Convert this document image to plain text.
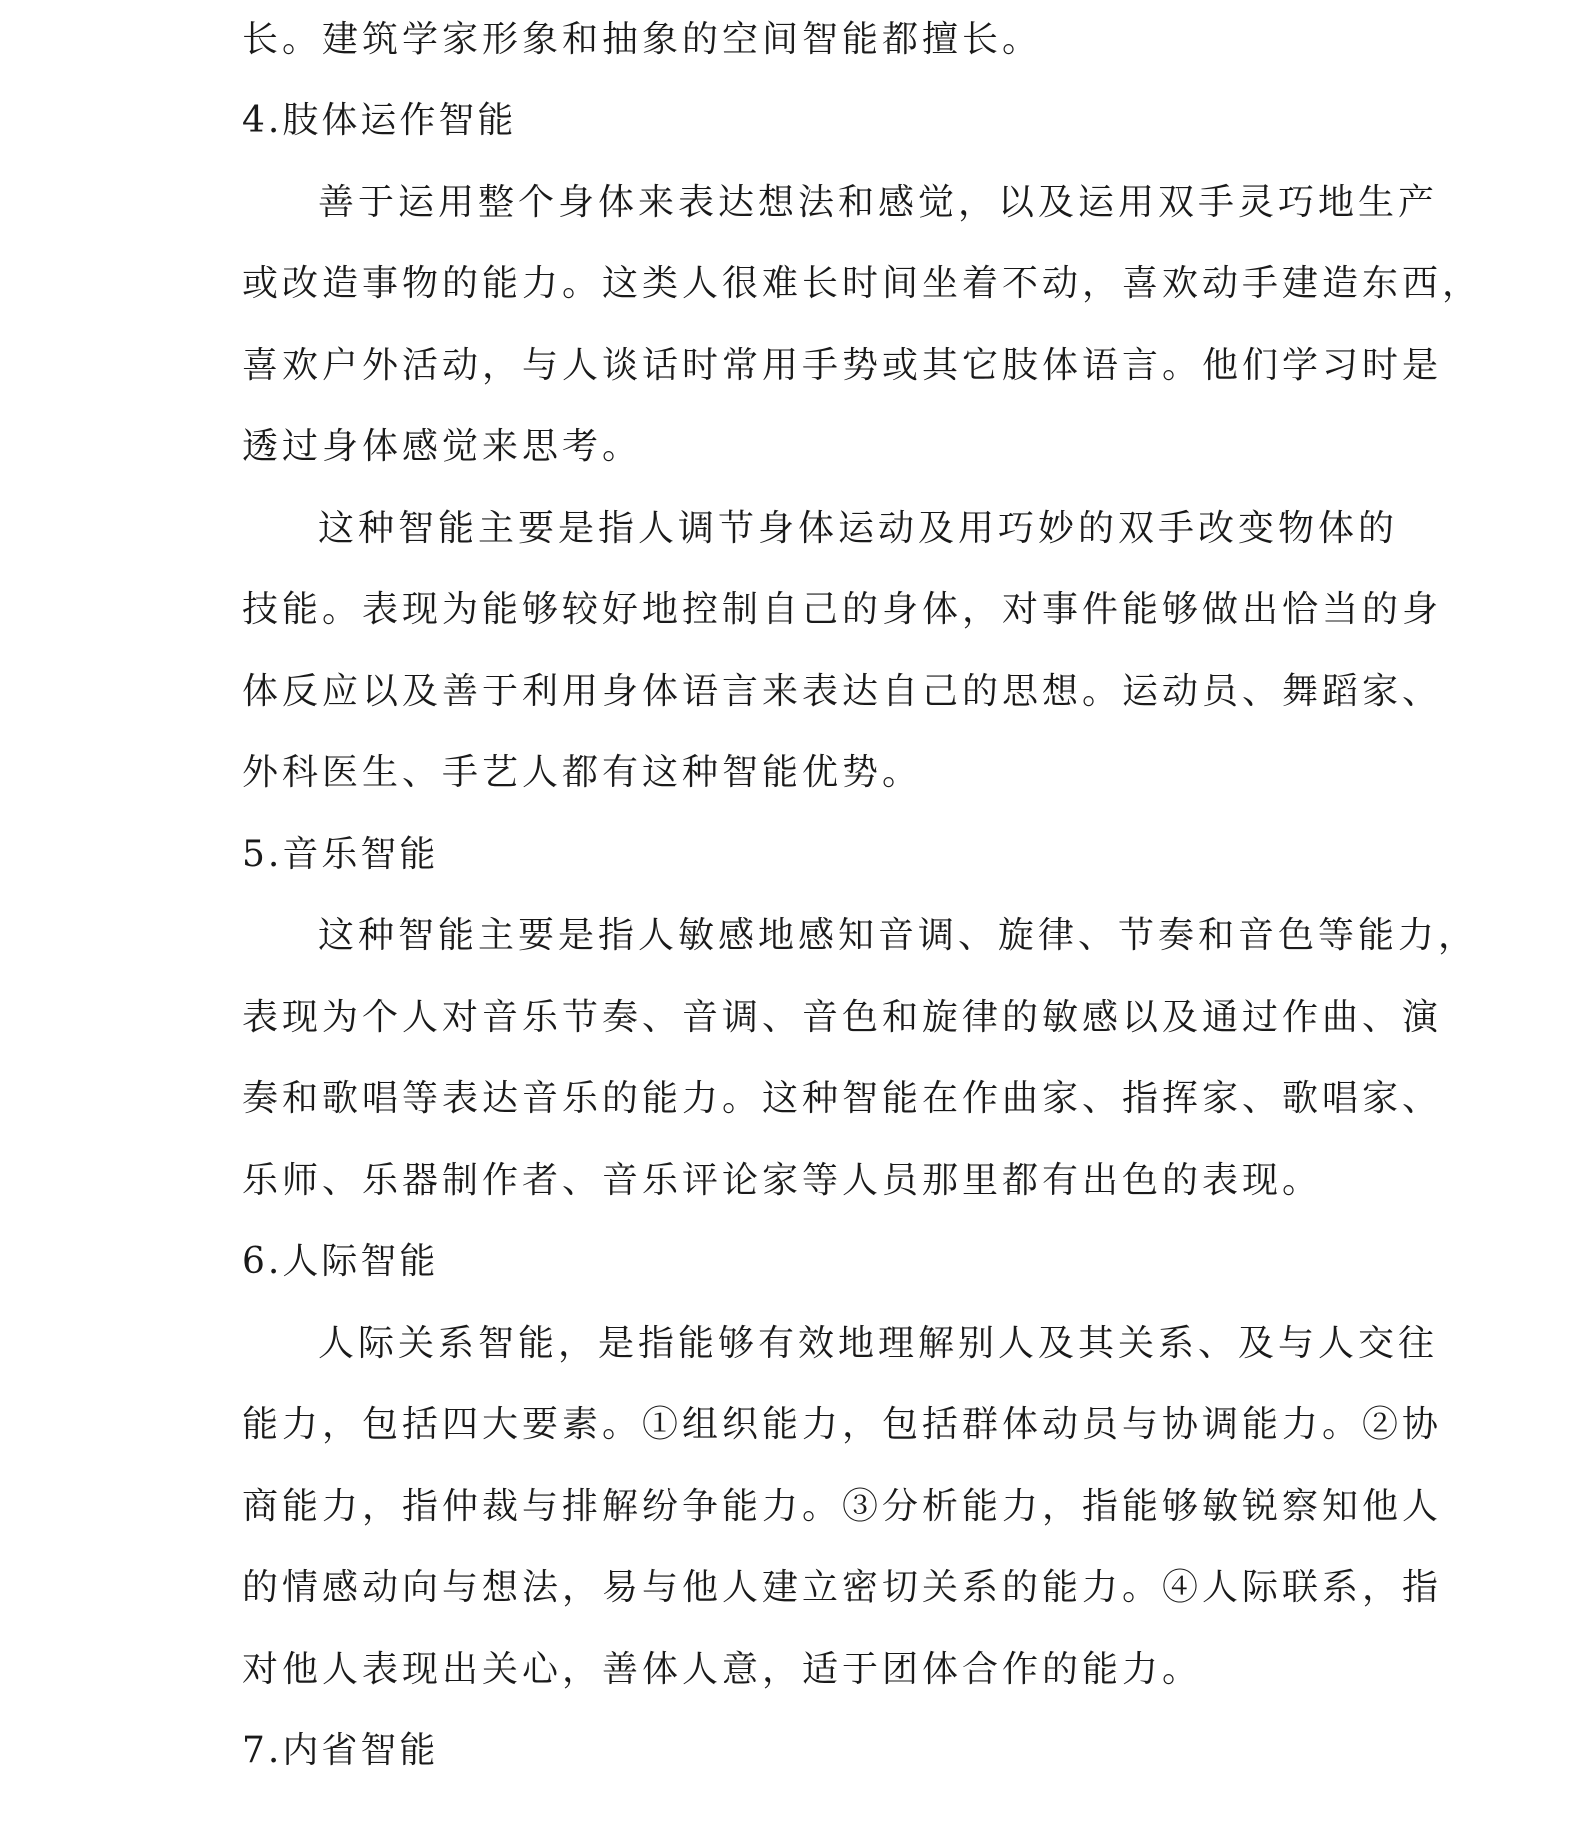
长。建筑学家形象和抽象的空间智能都擅长。
4.肢体运作智能
善于运用整个身体来表达想法和感觉，以及运用双手灵巧地生产
或改造事物的能力。这类人很难长时间坐着不动，喜欢动手建造东西，
喜欢户外活动，与人谈话时常用手势或其它肢体语言。他们学习时是
透过身体感觉来思考。
这种智能主要是指人调节身体运动及用巧妙的双手改变物体的
技能。表现为能够较好地控制自己的身体，对事件能够做出恰当的身
体反应以及善于利用身体语言来表达自己的思想。运动员、舞蹈家、
外科医生、手艺人都有这种智能优势。
5.音乐智能
这种智能主要是指人敏感地感知音调、旋律、节奏和音色等能力，
表现为个人对音乐节奏、音调、音色和旋律的敏感以及通过作曲、演
奏和歌唱等表达音乐的能力。这种智能在作曲家、指挥家、歌唱家、
乐师、乐器制作者、音乐评论家等人员那里都有出色的表现。
6.人际智能
人际关系智能，是指能够有效地理解别人及其关系、及与人交往
能力，包括四大要素。①组织能力，包括群体动员与协调能力。②协
商能力，指仲裁与排解纷争能力。③分析能力，指能够敏锐察知他人
的情感动向与想法，易与他人建立密切关系的能力。④人际联系，指
对他人表现出关心，善体人意，适于团体合作的能力。
7.内省智能
